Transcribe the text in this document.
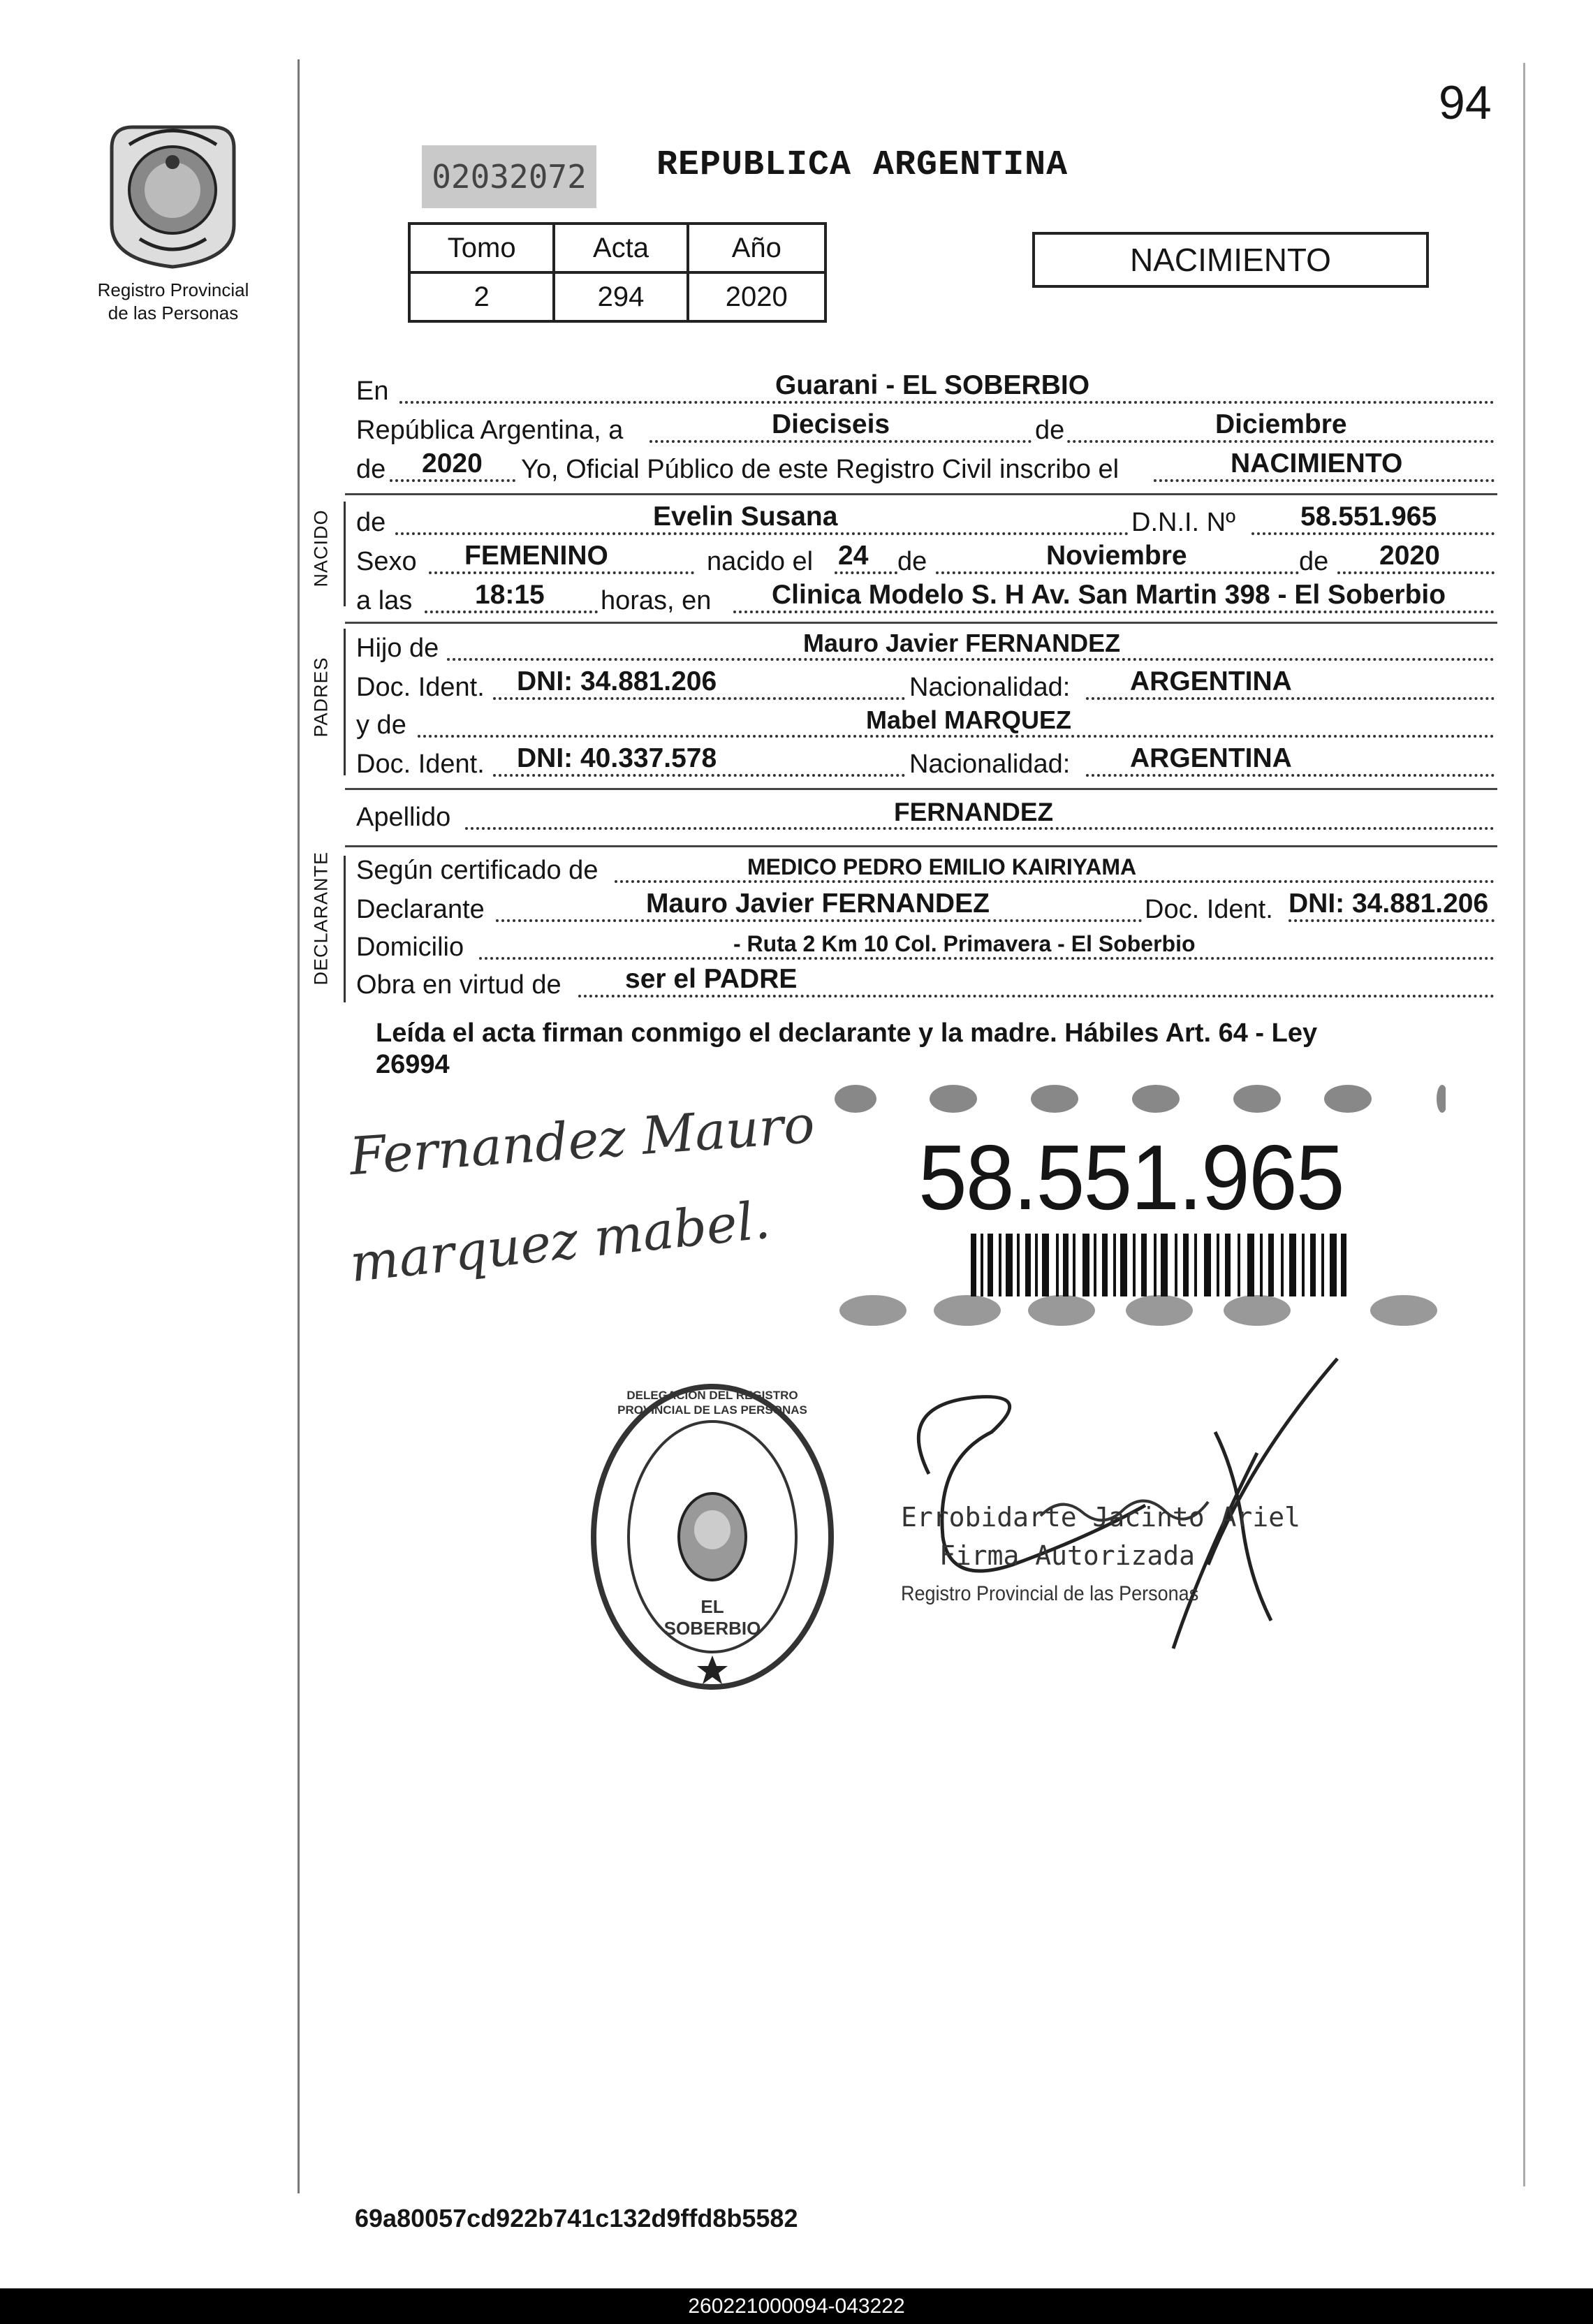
94
Registro Provincial
de las Personas
02032072 REPUBLICA ARGENTINA
Tomo	Acta	Año
2	294	2020
NACIMIENTO
En	Guarani - EL SOBERBIO
República Argentina, a	Dieciseis	de	Diciembre
de 2020 Yo, Oficial Público de este Registro Civil inscribo el	NACIMIENTO
NACIDO de	Evelin Susana	D.N.I. Nº 58.551.965
Sexo FEMENINO	nacido el 24 de	Noviembre	de 2020
a las 18:15 horas, en Clinica Modelo S. H Av. San Martin 398 - El Soberbio
PADRES
Hijo de	Mauro Javier FERNANDEZ
Doc. Ident. DNI: 34.881.206	Nacionalidad: ARGENTINA
y de	Mabel MARQUEZ
Doc. Ident. DNI: 40.337.578	Nacionalidad: ARGENTINA
Apellido	FERNANDEZ
DECLARANTE Según certificado de	MEDICO PEDRO EMILIO KAIRIYAMA
Declarante	Mauro Javier FERNANDEZ	Doc. Ident. DNI: 34.881.206
Domicilio	- Ruta 2 Km 10 Col. Primavera - El Soberbio
Obra en virtud de ser el PADRE
Leída el acta firman conmigo el declarante y la madre. Hábiles Art. 64 - Ley
26994
Fernandez Mauro
marquez mabel.
58.551.965
DELEGACION DEL REGISTRO PROVINCIAL DE LAS PERSONAS
EL SOBERBIO
Errobidarte Jacinto Ariel
Firma Autorizada
Registro Provincial de las Personas
69a80057cd922b741c132d9ffd8b5582
260221000094-043222
